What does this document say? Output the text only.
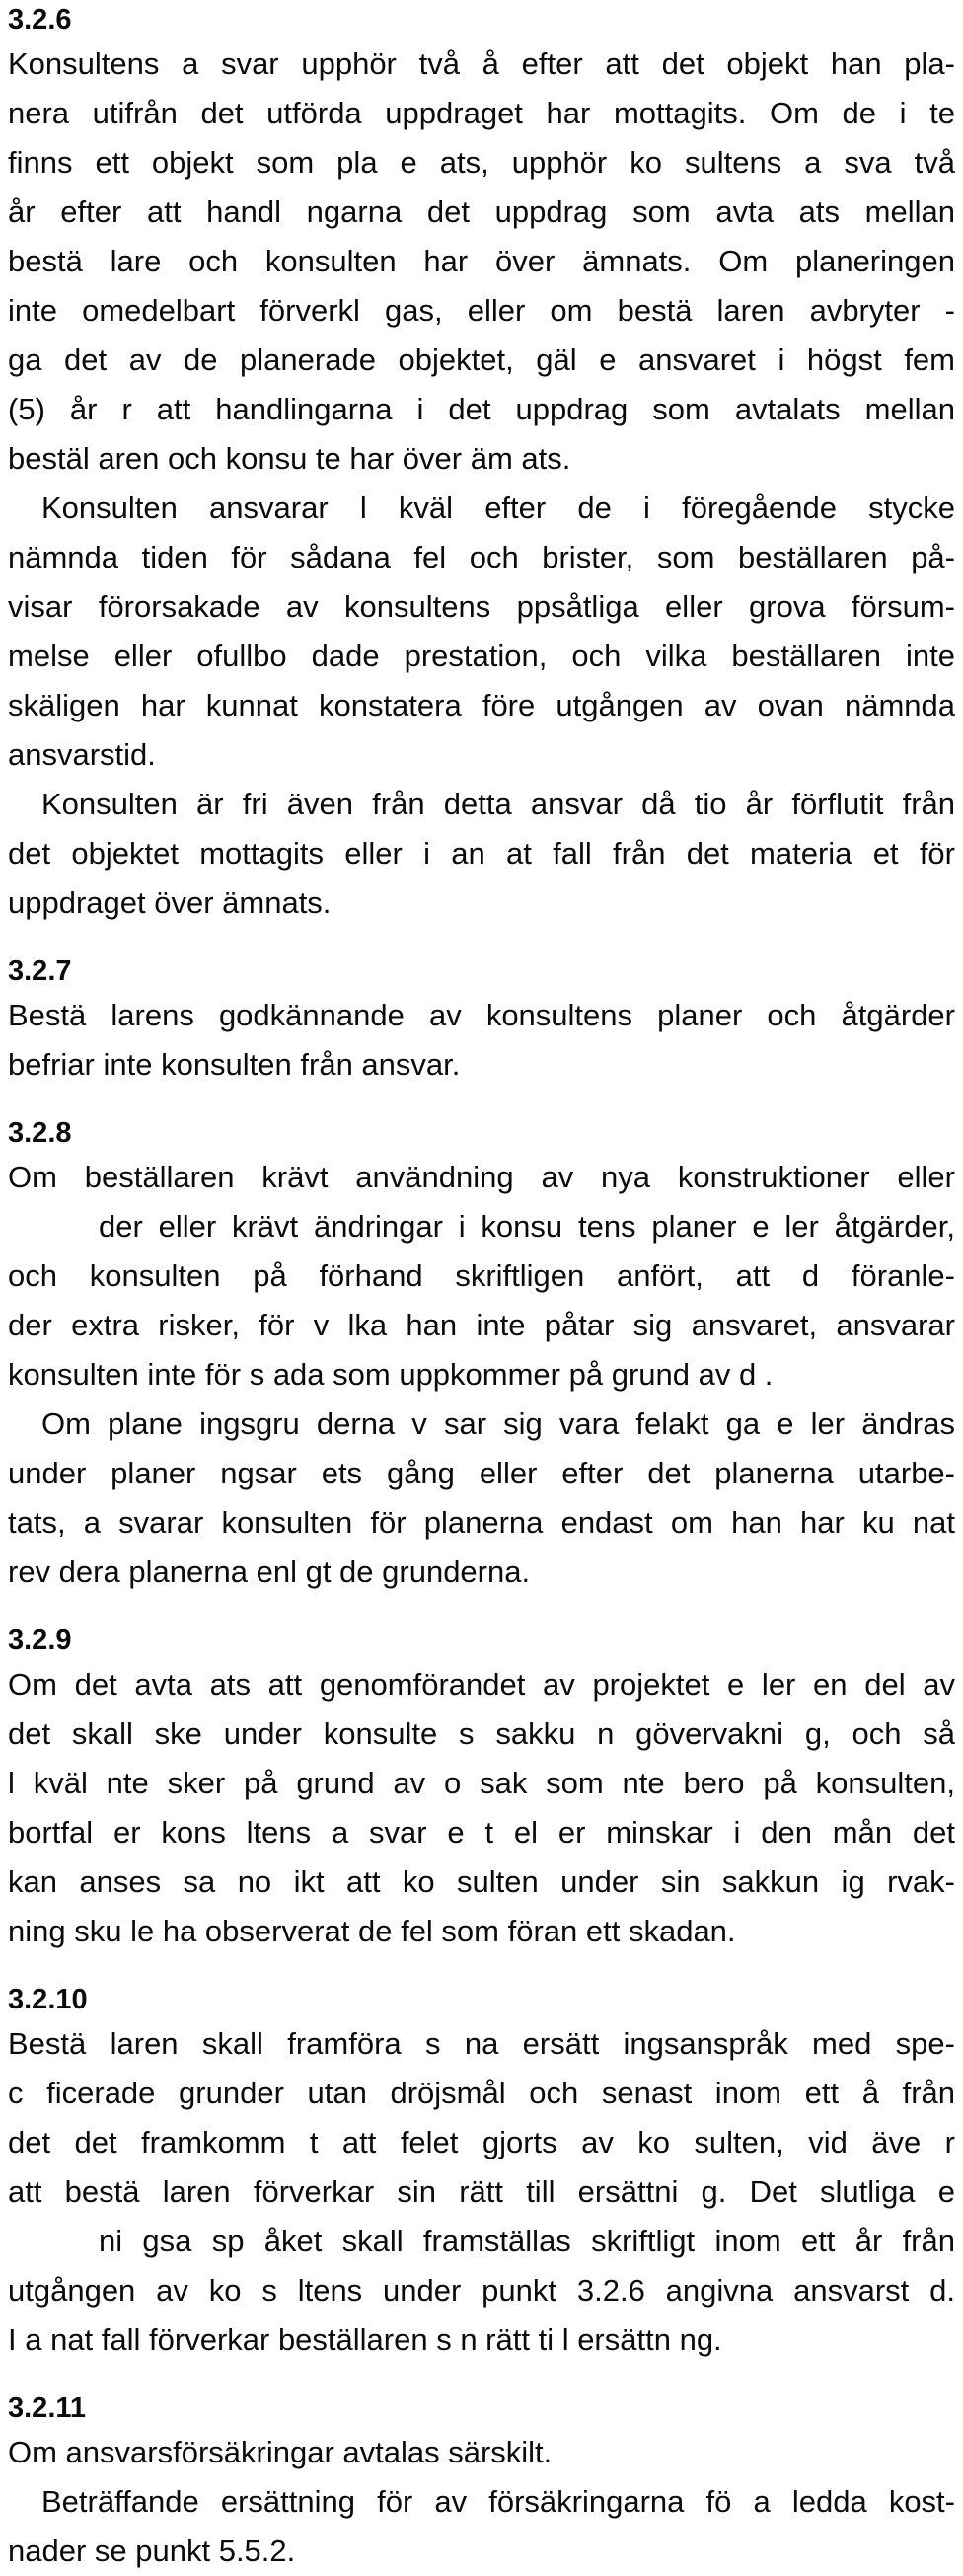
3.2.6
Konsultens a svar upphör två å efter att det objekt han pla-
nera utifrån det utförda uppdraget har mottagits. Om de i te
finns ett objekt som pla e ats, upphör ko sultens a sva två
år efter att handl ngarna det uppdrag som avta ats mellan
bestä lare och konsulten har över ämnats. Om planeringen
inte omedelbart förverkl gas, eller om bestä laren avbryter -
ga det av de planerade objektet, gäl e ansvaret i högst fem
(5) år r att handlingarna i det uppdrag som avtalats mellan
bestäl aren och konsu te har över äm ats.
Konsulten ansvarar l kväl efter de i föregående stycke
nämnda tiden för sådana fel och brister, som beställaren på-
visar förorsakade av konsultens ppsåtliga eller grova försum-
melse eller ofullbo dade prestation, och vilka beställaren inte
skäligen har kunnat konstatera före utgången av ovan nämnda
ansvarstid.
Konsulten är fri även från detta ansvar då tio år förflutit från
det objektet mottagits eller i an at fall från det materia et för
uppdraget över ämnats.
3.2.7
Bestä larens godkännande av konsultens planer och åtgärder
befriar inte konsulten från ansvar.
3.2.8
Om beställaren krävt användning av nya konstruktioner eller
der eller krävt ändringar i konsu tens planer e ler åtgärder,
och konsulten på förhand skriftligen anfört, att d föranle-
der extra risker, för v lka han inte påtar sig ansvaret, ansvarar
konsulten inte för s ada som uppkommer på grund av d .
Om plane ingsgru derna v sar sig vara felakt ga e ler ändras
under planer ngsar ets gång eller efter det planerna utarbe-
tats, a svarar konsulten för planerna endast om han har ku nat
rev dera planerna enl gt de grunderna.
3.2.9
Om det avta ats att genomförandet av projektet e ler en del av
det skall ske under konsulte s sakku n gövervakni g, och så
l kväl nte sker på grund av o sak som nte bero på konsulten,
bortfal er kons ltens a svar e t el er minskar i den mån det
kan anses sa no ikt att ko sulten under sin sakkun ig rvak-
ning sku le ha observerat de fel som föran ett skadan.
3.2.10
Bestä laren skall framföra s na ersätt ingsanspråk med spe-
c ficerade grunder utan dröjsmål och senast inom ett å från
det det framkomm t att felet gjorts av ko sulten, vid äve r
att bestä laren förverkar sin rätt till ersättni g. Det slutliga e
ni gsa sp åket skall framställas skriftligt inom ett år från
utgången av ko s ltens under punkt 3.2.6 angivna ansvarst d.
I a nat fall förverkar beställaren s n rätt ti l ersättn ng.
3.2.11
Om ansvarsförsäkringar avtalas särskilt.
Beträffande ersättning för av försäkringarna fö a ledda kost-
nader se punkt 5.5.2.
